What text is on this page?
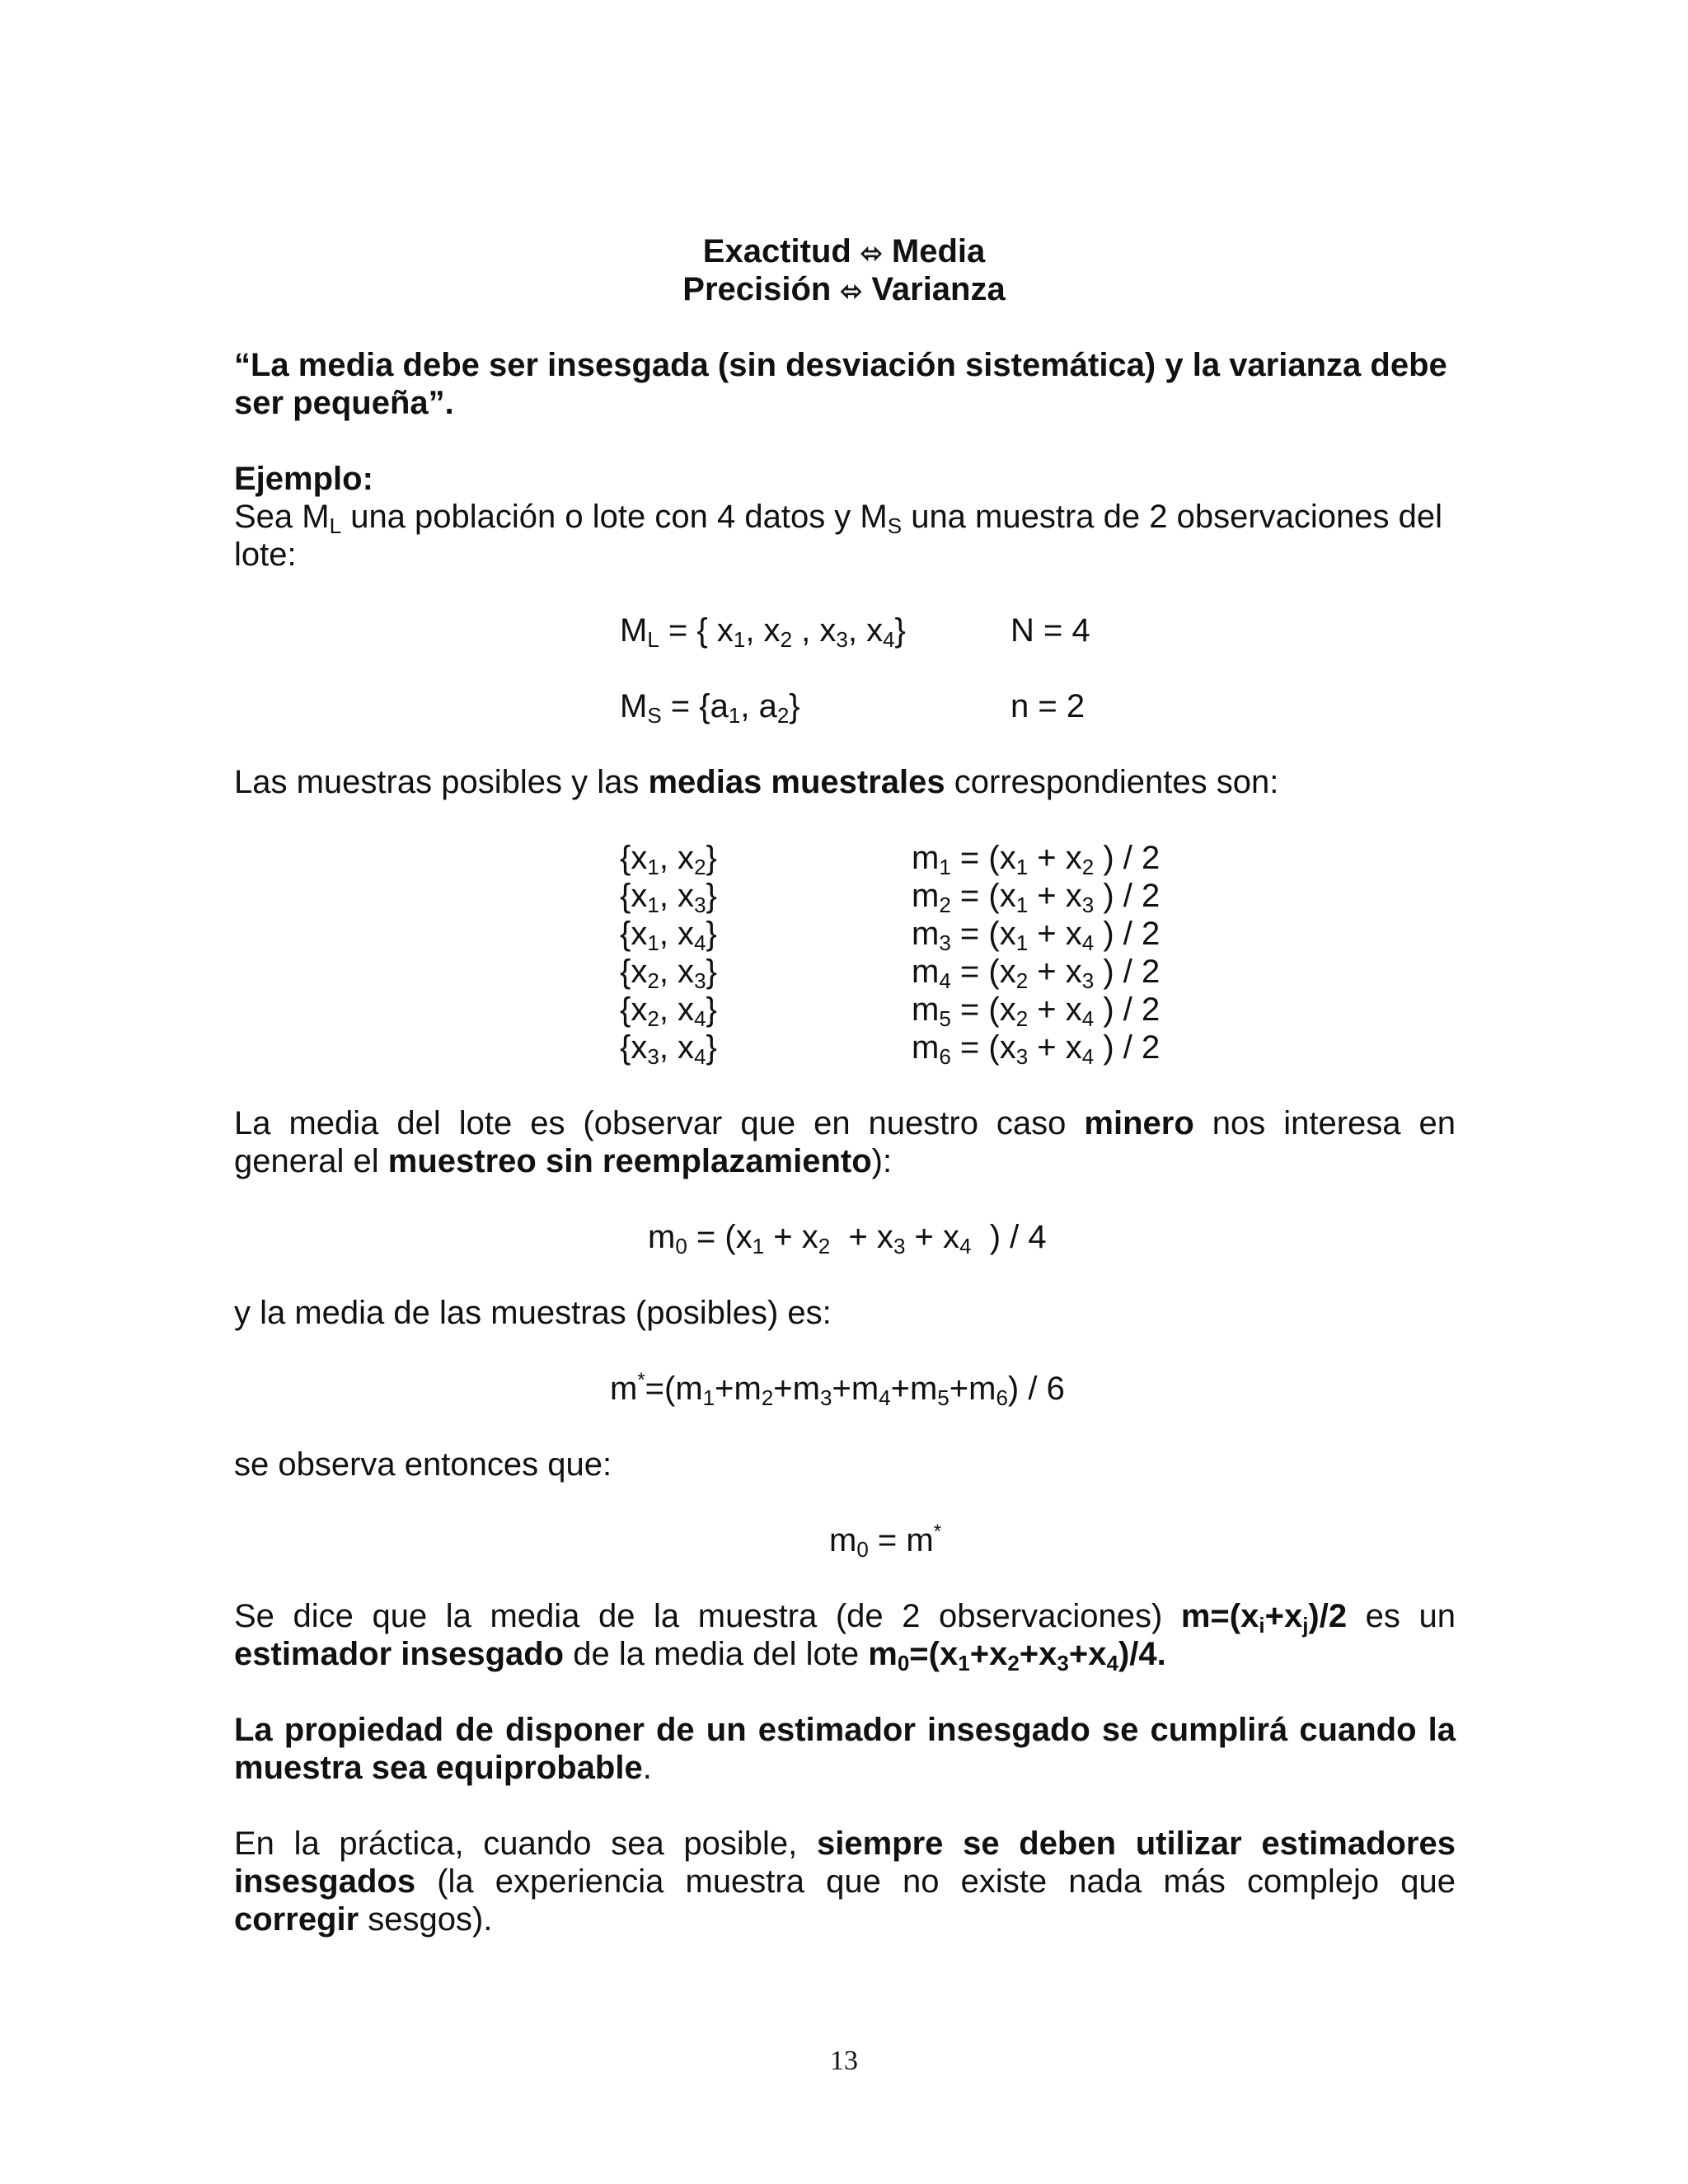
Exactitud ⬄ Media
Precisión ⬄ Varianza
“La media debe ser insesgada (sin desviación sistemática) y la varianza debe
ser pequeña”.
Ejemplo:
Sea $M_L$ una población o lote con 4 datos y $M_S$ una muestra de 2 observaciones del
lote:
$M_L$ = { $x_1$, $x_2$ , $x_3$, $x_4$}	N = 4
$M_S = \{a_1$, $a_2$}	n = 2
Las muestras posibles y las medias muestrales correspondientes son:
{$x_1$, $x_2$}	$m_1 = (x_1 + x_2$ ) / 2
{$x_1$, $x_3$}	$m_2 = (x_1 + x_3$ ) / 2
{$x_1$, $x_4$}	$m_3 = (x_1 + x_4$ ) / 2
{$x_2$, $x_3$}	$m_4 = (x_2 + x_3$ ) / 2
{$x_2$, $x_4$}	$m_5 = (x_2 + x_4$ ) / 2
{$x_3$, $x_4$}	$m_6 = (x_3 + x_4$ ) / 2
La media del lote es (observar que en nuestro caso minero nos interesa en
general el muestreo sin reemplazamiento):
$m_0 = (x_1 + x_2 + x_3 + x_4$  ) / 4
y la media de las muestras (posibles) es:
$m^*=(m_1+m_2+m_3+m_4+m_5+m_6) / 6$
se observa entonces que:
$m_0 = m^*$
Se dice que la media de la muestra (de 2 observaciones) $m=(x_i+x_j)/2$ es un
estimador insesgado de la media del lote $m_0=(x_1+x_2+x_3+x_4)/4$.
La propiedad de disponer de un estimador insesgado se cumplirá cuando la
muestra sea equiprobable.
En la práctica, cuando sea posible, siempre se deben utilizar estimadores
insesgados (la experiencia muestra que no existe nada más complejo que
corregir sesgos).
13
